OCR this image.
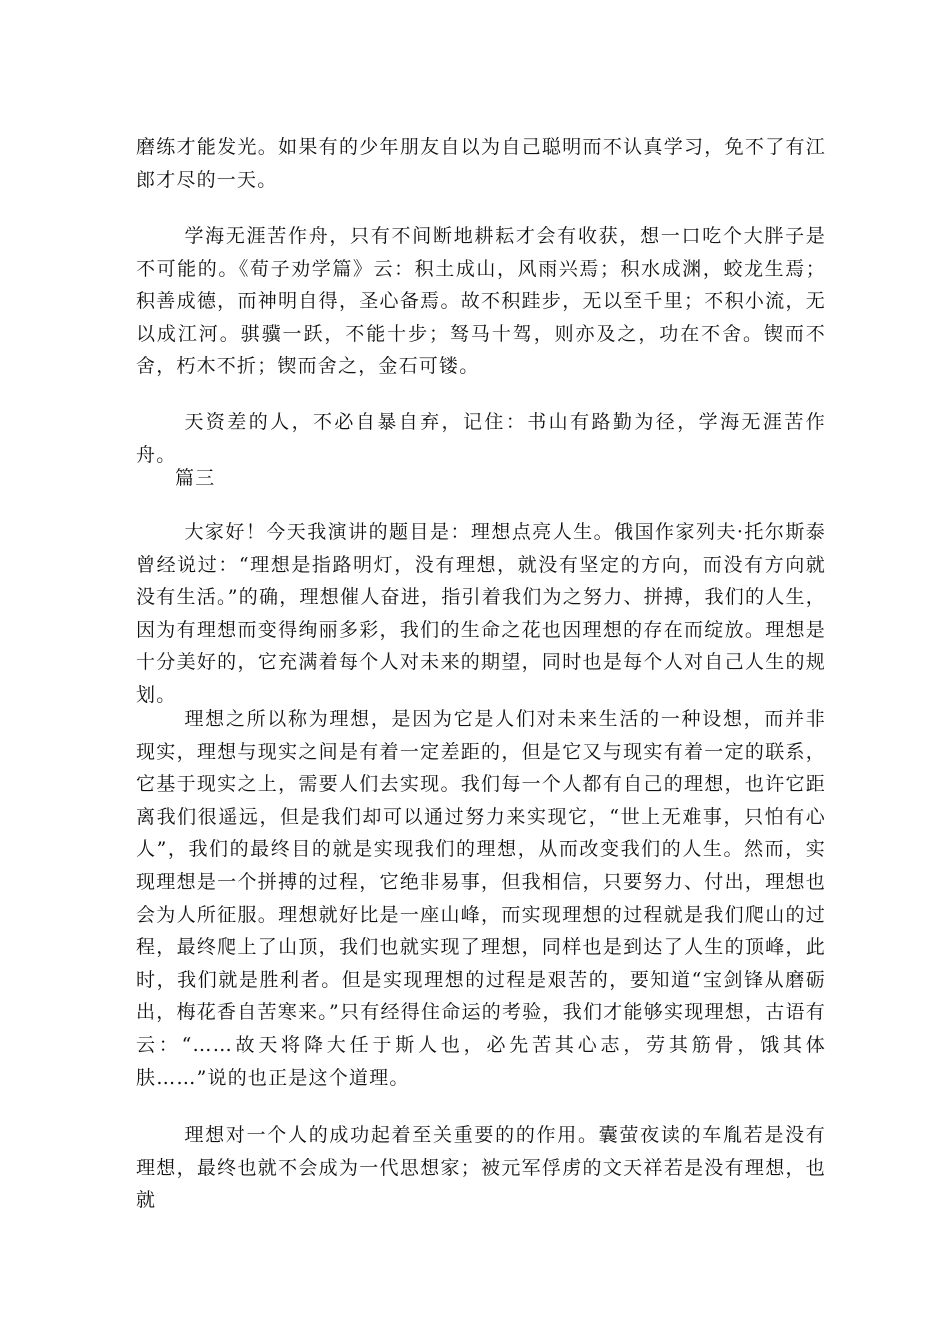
磨练才能发光。如果有的少年朋友自以为自己聪明而不认真学习，免不了有江郎才尽的一天。

学海无涯苦作舟，只有不间断地耕耘才会有收获，想一口吃个大胖子是不可能的。《荀子劝学篇》云：积土成山，风雨兴焉；积水成渊，蛟龙生焉；积善成德，而神明自得，圣心备焉。故不积跬步，无以至千里；不积小流，无以成江河。骐骥一跃，不能十步；驽马十驾，则亦及之，功在不舍。锲而不舍，朽木不折；锲而舍之，金石可镂。

天资差的人，不必自暴自弃，记住：书山有路勤为径，学海无涯苦作舟。

篇三

大家好！今天我演讲的题目是：理想点亮人生。俄国作家列夫·托尔斯泰曾经说过：“理想是指路明灯，没有理想，就没有坚定的方向，而没有方向就没有生活。”的确，理想催人奋进，指引着我们为之努力、拼搏，我们的人生，因为有理想而变得绚丽多彩，我们的生命之花也因理想的存在而绽放。理想是十分美好的，它充满着每个人对未来的期望，同时也是每个人对自己人生的规划。

理想之所以称为理想，是因为它是人们对未来生活的一种设想，而并非现实，理想与现实之间是有着一定差距的，但是它又与现实有着一定的联系，它基于现实之上，需要人们去实现。我们每一个人都有自己的理想，也许它距离我们很遥远，但是我们却可以通过努力来实现它，“世上无难事，只怕有心人”，我们的最终目的就是实现我们的理想，从而改变我们的人生。然而，实现理想是一个拼搏的过程，它绝非易事，但我相信，只要努力、付出，理想也会为人所征服。理想就好比是一座山峰，而实现理想的过程就是我们爬山的过程，最终爬上了山顶，我们也就实现了理想，同样也是到达了人生的顶峰，此时，我们就是胜利者。但是实现理想的过程是艰苦的，要知道“宝剑锋从磨砺出，梅花香自苦寒来。”只有经得住命运的考验，我们才能够实现理想，古语有云：“……故天将降大任于斯人也，必先苦其心志，劳其筋骨，饿其体肤……”说的也正是这个道理。

理想对一个人的成功起着至关重要的的作用。囊萤夜读的车胤若是没有理想，最终也就不会成为一代思想家；被元军俘虏的文天祥若是没有理想，也就
